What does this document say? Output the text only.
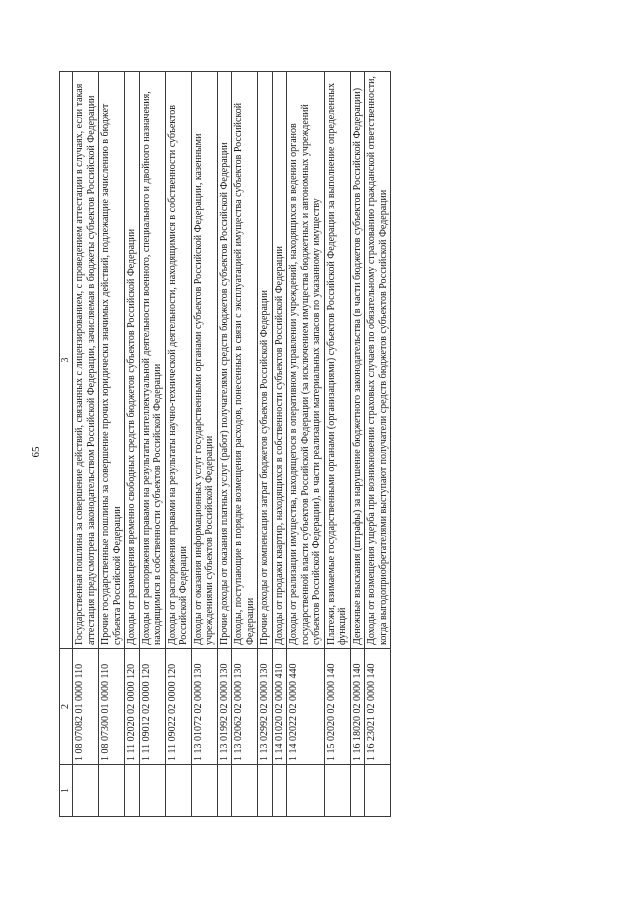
65
1	2	3
	1 08 07082 01 0000 110	Государственная пошлина за совершение действий, связанных с лицензированием, с проведением аттестации в случаях, если такая аттестация предусмотрена законодательством Российской Федерации, зачисляемая в бюджеты субъектов Российской Федерации
	1 08 07300 01 0000 110	Прочие государственные пошлины за совершение прочих юридически значимых действий, подлежащие зачислению в бюджет субъекта Российской Федерации
	1 11 02020 02 0000 120	Доходы от размещения временно свободных средств бюджетов субъектов Российской Федерации
	1 11 09012 02 0000 120	Доходы от распоряжения правами на результаты интеллектуальной деятельности военного, специального и двойного назначения, находящимися в собственности субъектов Российской Федерации
	1 11 09022 02 0000 120	Доходы от распоряжения правами на результаты научно-технической деятельности, находящимися в собственности субъектов Российской Федерации
	1 13 01072 02 0000 130	Доходы от оказания информационных услуг государственными органами субъектов Российской Федерации, казенными учреждениями субъектов Российской Федерации
	1 13 01992 02 0000 130	Прочие доходы от оказания платных услуг (работ) получателями средств бюджетов субъектов Российской Федерации
	1 13 02062 02 0000 130	Доходы, поступающие в порядке возмещения расходов, понесенных в связи с эксплуатацией имущества субъектов Российской Федерации
	1 13 02992 02 0000 130	Прочие доходы от компенсации затрат бюджетов субъектов Российской Федерации
	1 14 01020 02 0000 410	Доходы от продажи квартир, находящихся в собственности субъектов Российской Федерации
	1 14 02022 02 0000 440	Доходы от реализации имущества, находящегося в оперативном управлении учреждений, находящихся в ведении органов государственной власти субъектов Российской Федерации (за исключением имущества бюджетных и автономных учреждений субъектов Российской Федерации), в части реализации материальных запасов по указанному имуществу
	1 15 02020 02 0000 140	Платежи, взимаемые государственными органами (организациями) субъектов Российской Федерации за выполнение определенных функций
	1 16 18020 02 0000 140	Денежные взыскания (штрафы) за нарушение бюджетного законодательства (в части бюджетов субъектов Российской Федерации)
	1 16 23021 02 0000 140	Доходы от возмещения ущерба при возникновении страховых случаев по обязательному страхованию гражданской ответственности, когда выгодоприобретателями выступают получатели средств бюджетов субъектов Российской Федерации
